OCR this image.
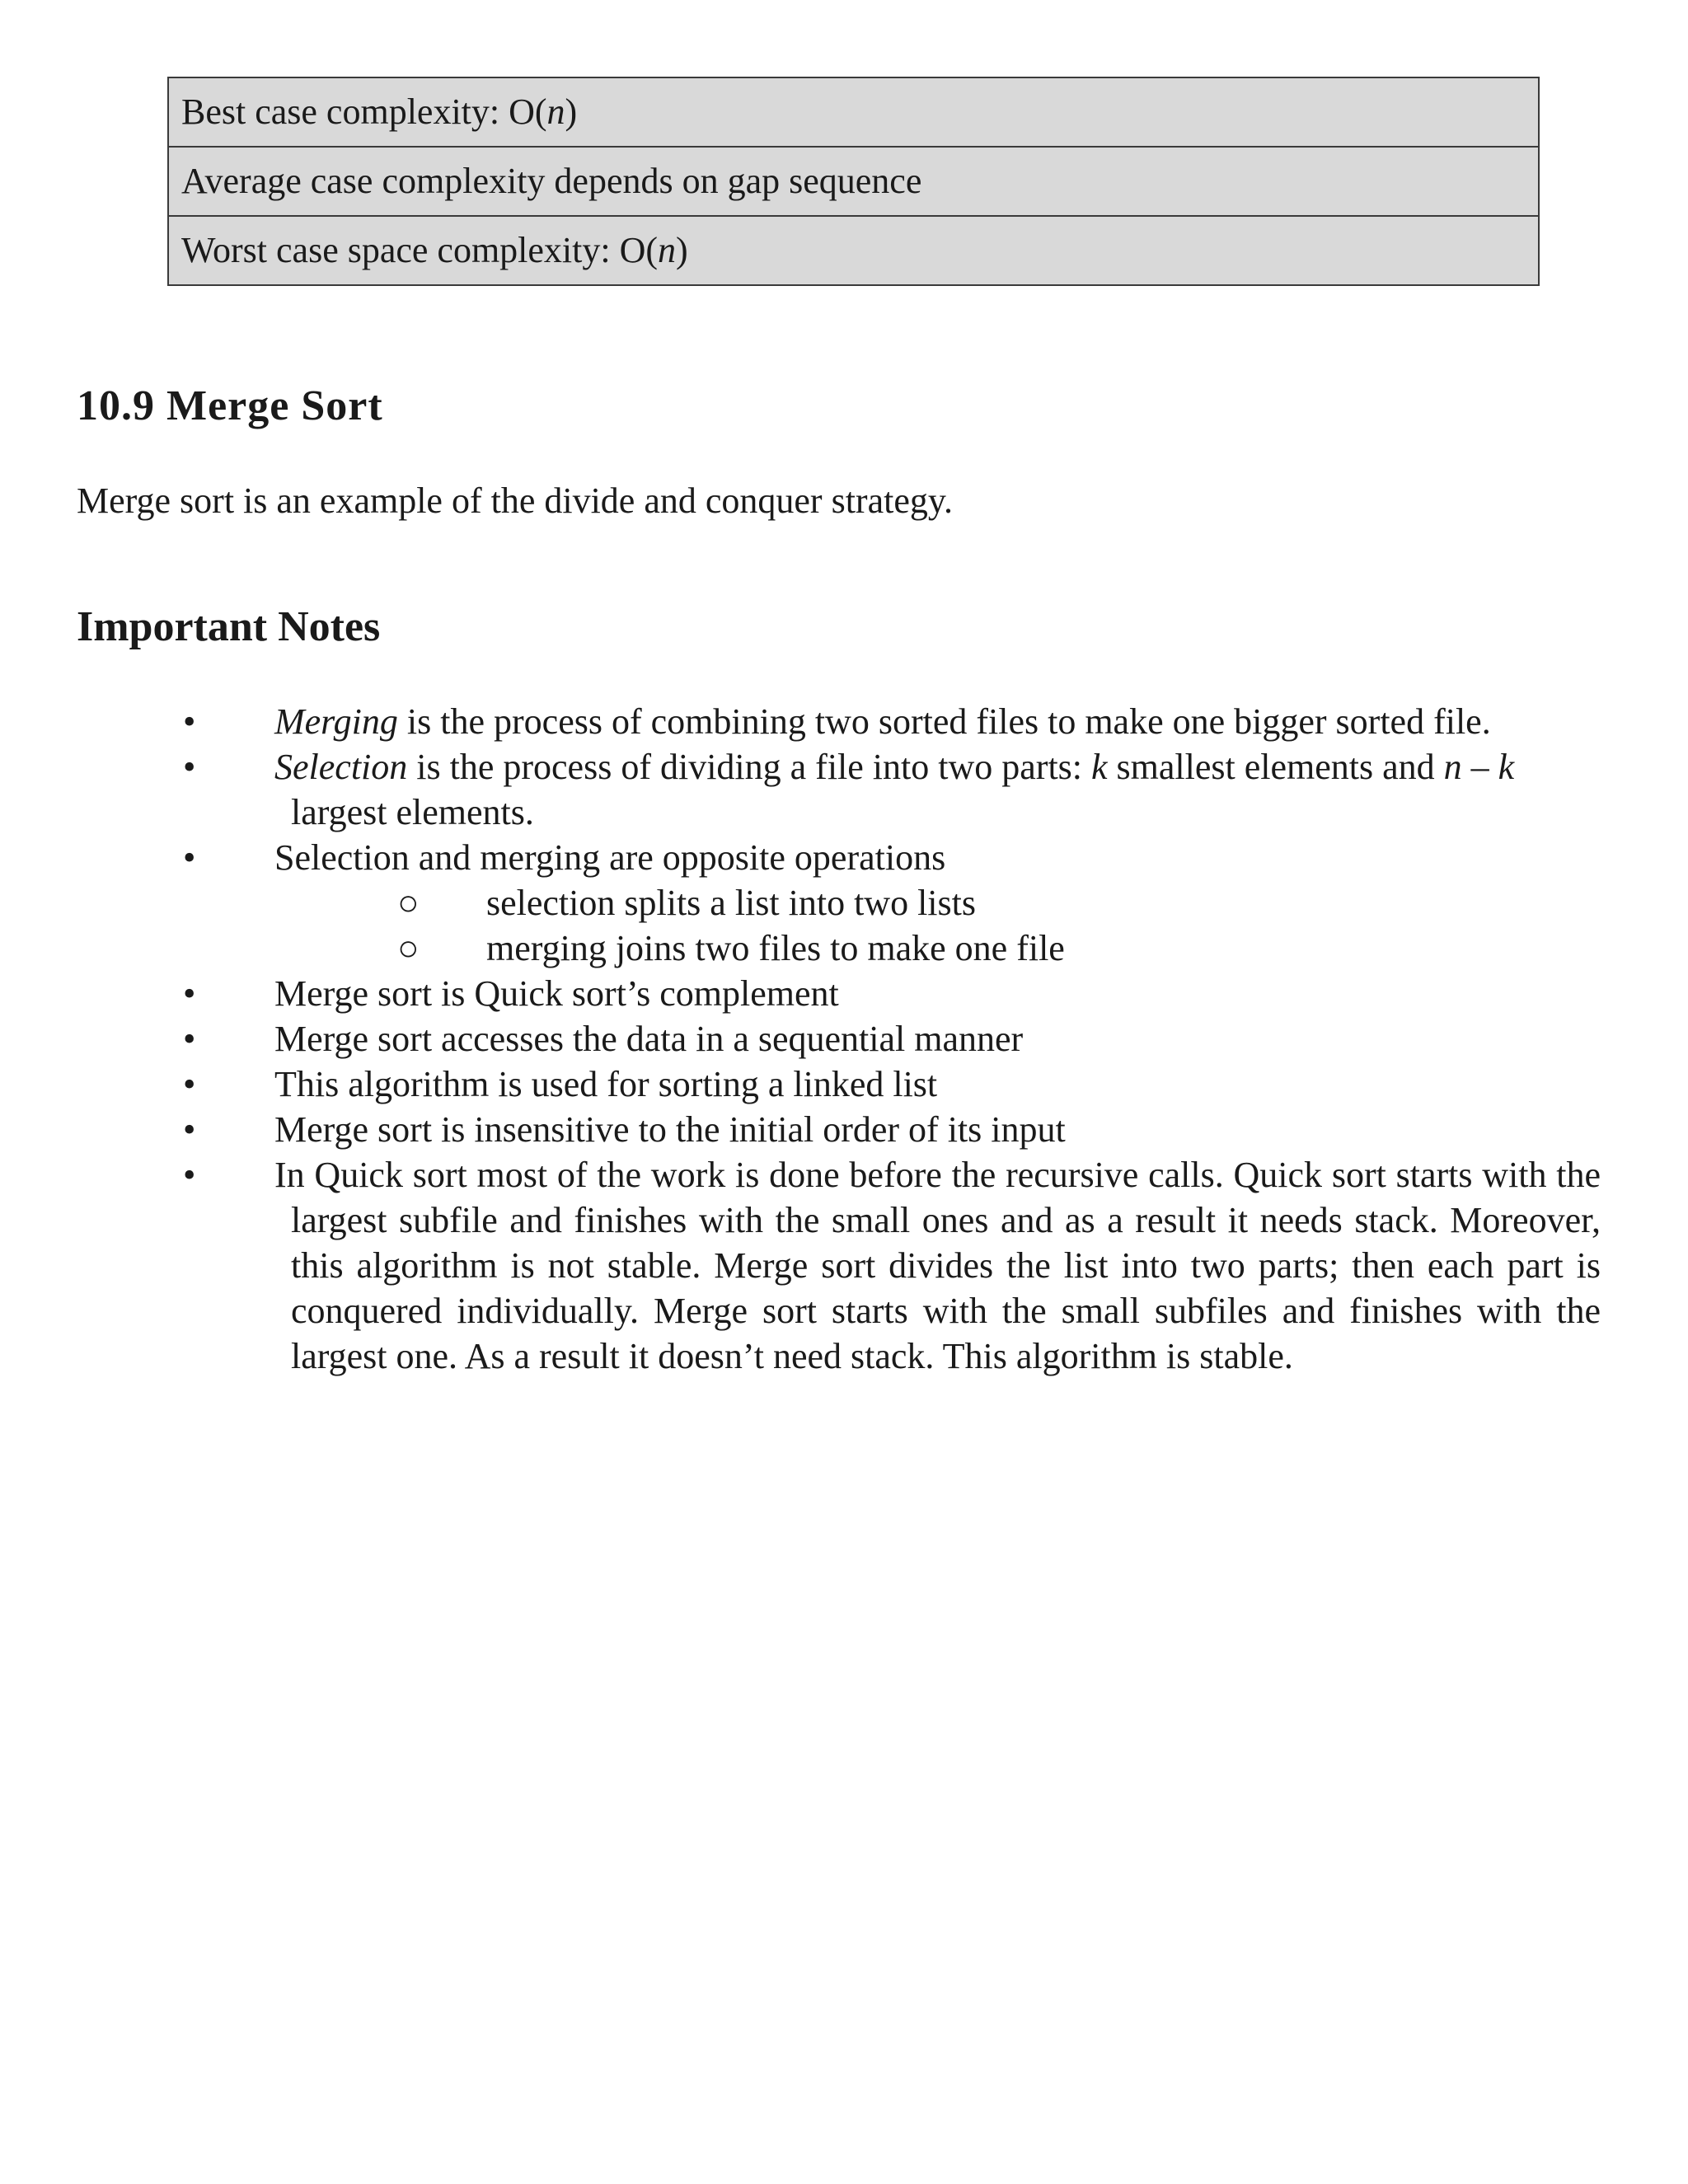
Best case complexity: O(n)
Average case complexity depends on gap sequence
Worst case space complexity: O(n)
10.9 Merge Sort

Merge sort is an example of the divide and conquer strategy.

Important Notes
• Merging is the process of combining two sorted files to make one bigger sorted file.
• Selection is the process of dividing a file into two parts: k smallest elements and n – k largest elements.
• Selection and merging are opposite operations
○ selection splits a list into two lists
○ merging joins two files to make one file
• Merge sort is Quick sort’s complement
• Merge sort accesses the data in a sequential manner
• This algorithm is used for sorting a linked list
• Merge sort is insensitive to the initial order of its input
• In Quick sort most of the work is done before the recursive calls. Quick sort starts with the largest subfile and finishes with the small ones and as a result it needs stack. Moreover, this algorithm is not stable. Merge sort divides the list into two parts; then each part is conquered individually. Merge sort starts with the small subfiles and finishes with the largest one. As a result it doesn’t need stack. This algorithm is stable.
